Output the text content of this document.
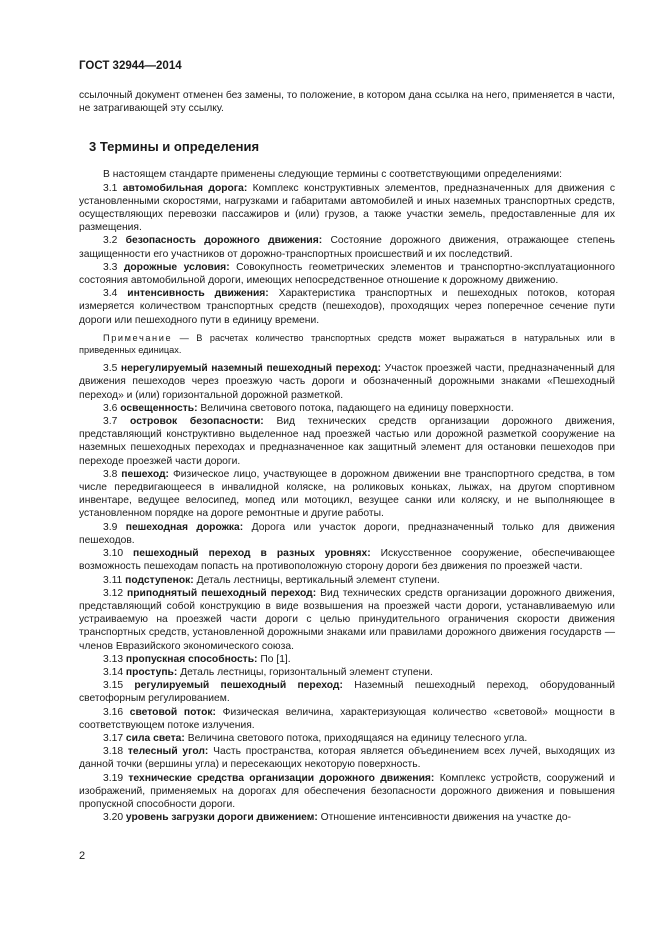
ГОСТ 32944—2014

ссылочный документ отменен без замены, то положение, в котором дана ссылка на него, применяется в части, не затрагивающей эту ссылку.

3 Термины и определения

В настоящем стандарте применены следующие термины с соответствующими определениями:

3.1 автомобильная дорога: Комплекс конструктивных элементов, предназначенных для движения с установленными скоростями, нагрузками и габаритами автомобилей и иных наземных транспортных средств, осуществляющих перевозки пассажиров и (или) грузов, а также участки земель, предоставленные для их размещения.

3.2 безопасность дорожного движения: Состояние дорожного движения, отражающее степень защищенности его участников от дорожно-транспортных происшествий и их последствий.

3.3 дорожные условия: Совокупность геометрических элементов и транспортно-эксплуатационного состояния автомобильной дороги, имеющих непосредственное отношение к дорожному движению.

3.4 интенсивность движения: Характеристика транспортных и пешеходных потоков, которая измеряется количеством транспортных средств (пешеходов), проходящих через поперечное сечение пути дороги или пешеходного пути в единицу времени.

Примечание — В расчетах количество транспортных средств может выражаться в натуральных или в приведенных единицах.

3.5 нерегулируемый наземный пешеходный переход: Участок проезжей части, предназначенный для движения пешеходов через проезжую часть дороги и обозначенный дорожными знаками «Пешеходный переход» и (или) горизонтальной дорожной разметкой.

3.6 освещенность: Величина светового потока, падающего на единицу поверхности.

3.7 островок безопасности: Вид технических средств организации дорожного движения, представляющий конструктивно выделенное над проезжей частью или дорожной разметкой сооружение на наземных пешеходных переходах и предназначенное как защитный элемент для остановки пешеходов при переходе проезжей части дороги.

3.8 пешеход: Физическое лицо, участвующее в дорожном движении вне транспортного средства, в том числе передвигающееся в инвалидной коляске, на роликовых коньках, лыжах, на другом спортивном инвентаре, ведущее велосипед, мопед или мотоцикл, везущее санки или коляску, и не выполняющее в установленном порядке на дороге ремонтные и другие работы.

3.9 пешеходная дорожка: Дорога или участок дороги, предназначенный только для движения пешеходов.

3.10 пешеходный переход в разных уровнях: Искусственное сооружение, обеспечивающее возможность пешеходам попасть на противоположную сторону дороги без движения по проезжей части.

3.11 подступенок: Деталь лестницы, вертикальный элемент ступени.

3.12 приподнятый пешеходный переход: Вид технических средств организации дорожного движения, представляющий собой конструкцию в виде возвышения на проезжей части дороги, устанавливаемую или устраиваемую на проезжей части дороги с целью принудительного ограничения скорости движения транспортных средств, установленной дорожными знаками или правилами дорожного движения государств — членов Евразийского экономического союза.

3.13 пропускная способность: По [1].

3.14 проступь: Деталь лестницы, горизонтальный элемент ступени.

3.15 регулируемый пешеходный переход: Наземный пешеходный переход, оборудованный светофорным регулированием.

3.16 световой поток: Физическая величина, характеризующая количество «световой» мощности в соответствующем потоке излучения.

3.17 сила света: Величина светового потока, приходящаяся на единицу телесного угла.

3.18 телесный угол: Часть пространства, которая является объединением всех лучей, выходящих из данной точки (вершины угла) и пересекающих некоторую поверхность.

3.19 технические средства организации дорожного движения: Комплекс устройств, сооружений и изображений, применяемых на дорогах для обеспечения безопасности дорожного движения и повышения пропускной способности дороги.

3.20 уровень загрузки дороги движением: Отношение интенсивности движения на участке до-

2
